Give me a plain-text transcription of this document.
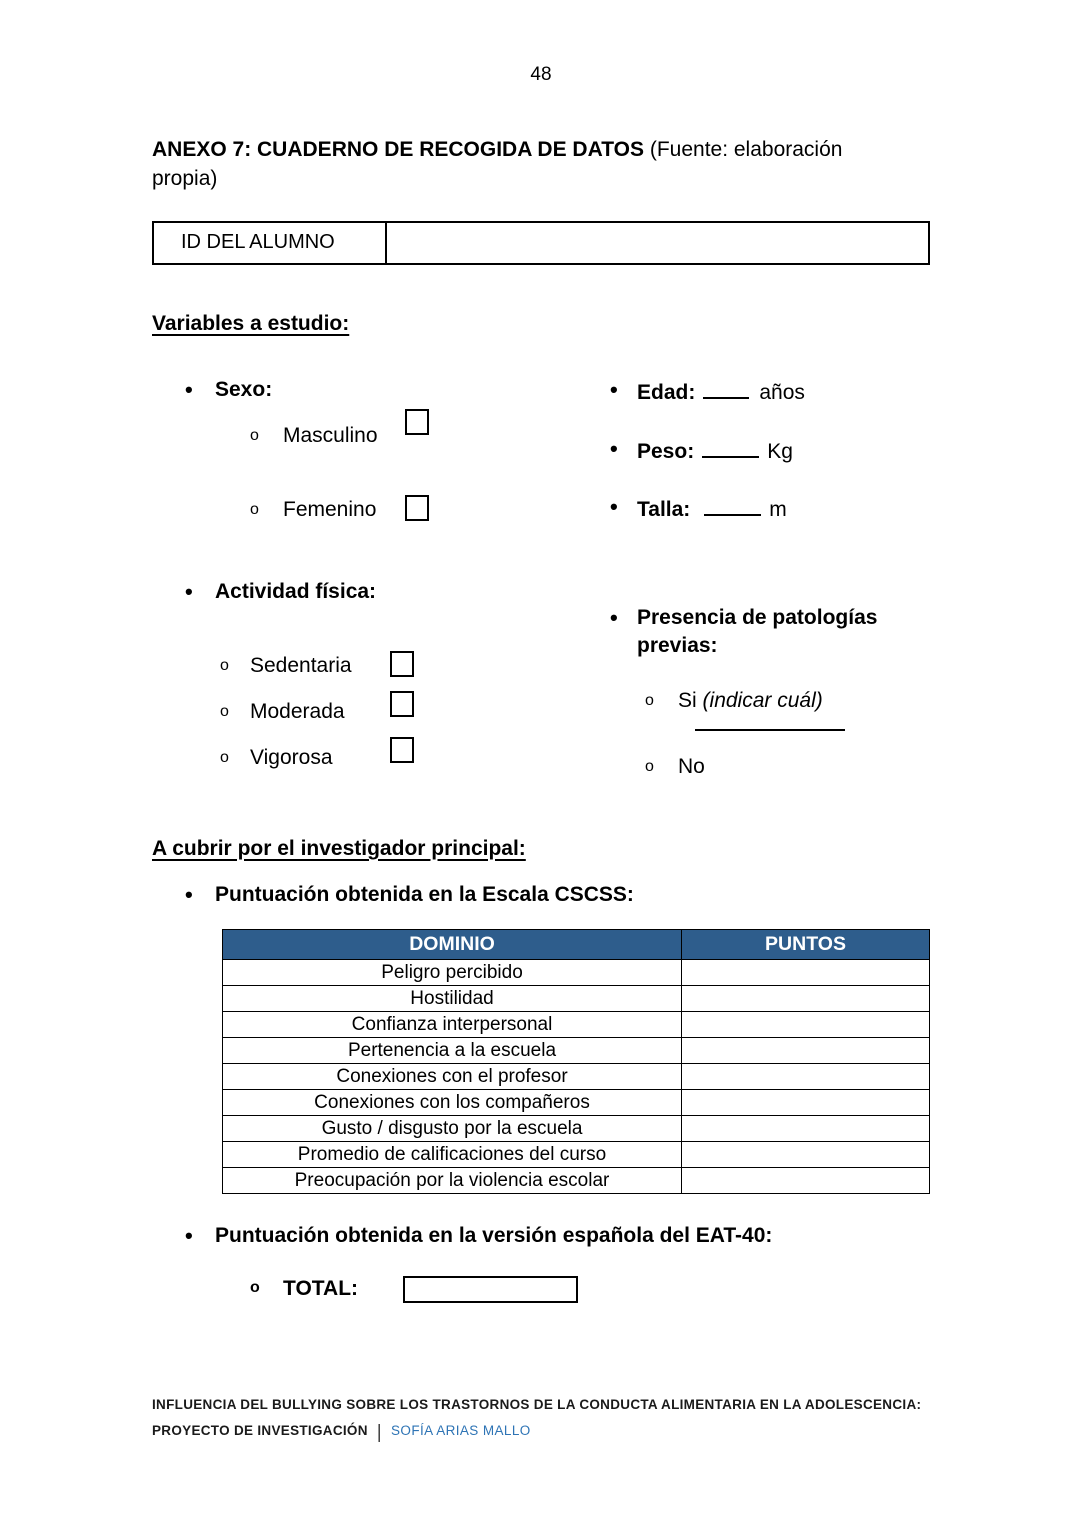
48
ANEXO 7: CUADERNO DE RECOGIDA DE DATOS (Fuente: elaboración
propia)
ID DEL ALUMNO
Variables a estudio:
• Sexo:
o Masculino
o Femenino
• Actividad física:
o Sedentaria
o Moderada
o Vigorosa
• Edad:	años
• Peso:	Kg
• Talla:	m
• Presencia de patologías previas:
o Si (indicar cuál)
o No
A cubrir por el investigador principal:
• Puntuación obtenida en la Escala CSCSS:
DOMINIO	PUNTOS
Peligro percibido	
Hostilidad	
Confianza interpersonal	
Pertenencia a la escuela	
Conexiones con el profesor	
Conexiones con los compañeros	
Gusto / disgusto por la escuela	
Promedio de calificaciones del curso	
Preocupación por la violencia escolar	
• Puntuación obtenida en la versión española del EAT-40:
o TOTAL:
INFLUENCIA DEL BULLYING SOBRE LOS TRASTORNOS DE LA CONDUCTA ALIMENTARIA EN LA ADOLESCENCIA:
PROYECTO DE INVESTIGACIÓN | SOFÍA ARIAS MALLO
